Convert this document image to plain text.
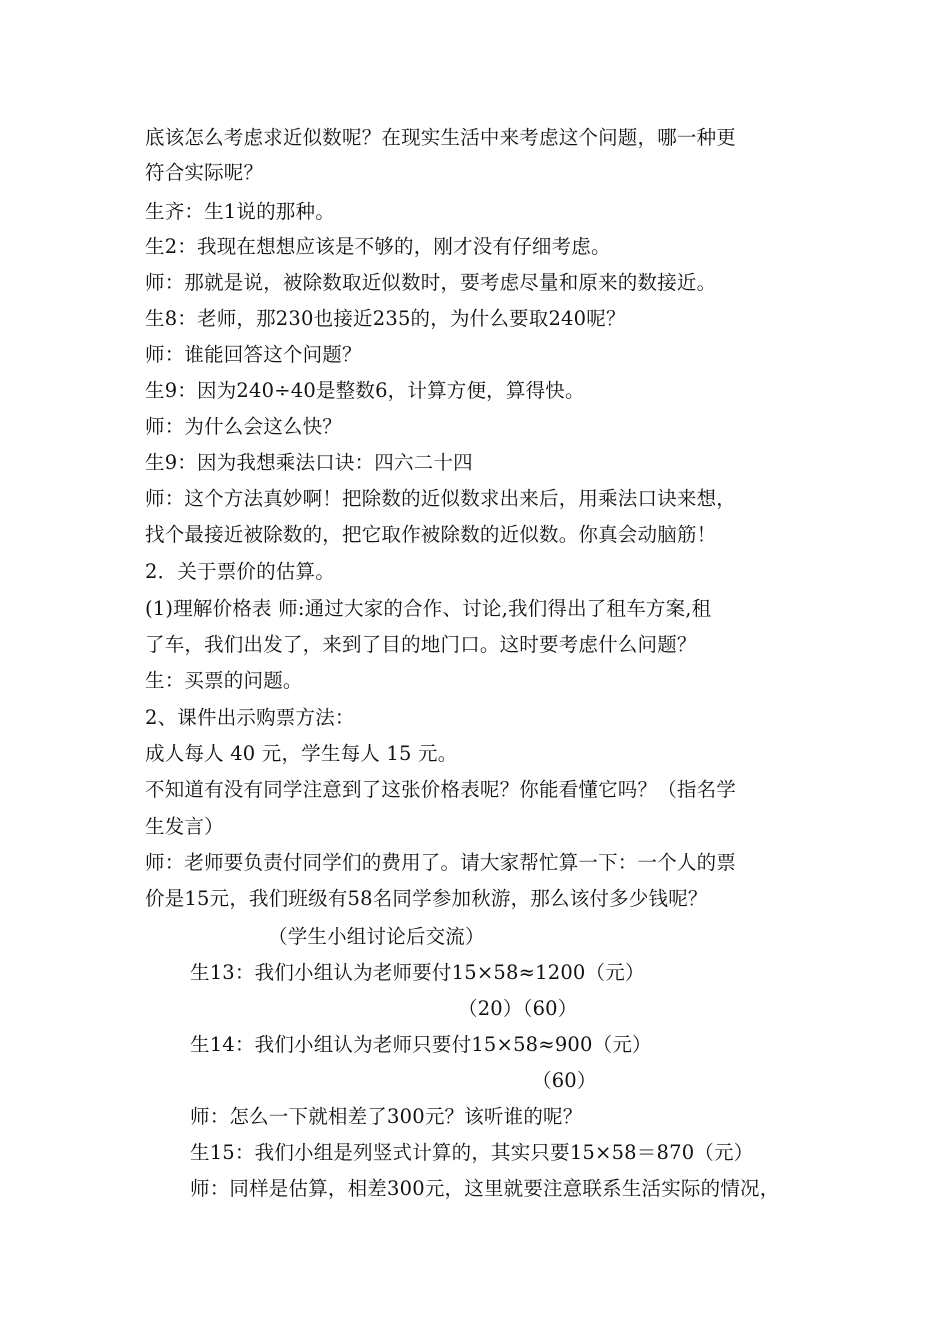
底该怎么考虑求近似数呢？在现实生活中来考虑这个问题，哪一种更
符合实际呢？
生齐：生1说的那种。
生2：我现在想想应该是不够的，刚才没有仔细考虑。
师：那就是说，被除数取近似数时，要考虑尽量和原来的数接近。
生8：老师，那230也接近235的，为什么要取240呢？
师：谁能回答这个问题？
生9：因为240÷40是整数6，计算方便，算得快。
师：为什么会这么快？
生9：因为我想乘法口诀：四六二十四
师：这个方法真妙啊！把除数的近似数求出来后，用乘法口诀来想，
找个最接近被除数的，把它取作被除数的近似数。你真会动脑筋！
2．关于票价的估算。
(1)理解价格表 师:通过大家的合作、讨论,我们得出了租车方案,租
了车，我们出发了，来到了目的地门口。这时要考虑什么问题？
生：买票的问题。
2、课件出示购票方法：
成人每人 40 元，学生每人 15 元。
不知道有没有同学注意到了这张价格表呢？你能看懂它吗？（指名学
生发言）
师：老师要负责付同学们的费用了。请大家帮忙算一下：一个人的票
价是15元，我们班级有58名同学参加秋游，那么该付多少钱呢？
（学生小组讨论后交流）
生13：我们小组认为老师要付15×58≈1200（元）
（20）（60）
生14：我们小组认为老师只要付15×58≈900（元）
（60）
师：怎么一下就相差了300元？该听谁的呢？
生15：我们小组是列竖式计算的，其实只要15×58＝870（元）
师：同样是估算，相差300元，这里就要注意联系生活实际的情况，
